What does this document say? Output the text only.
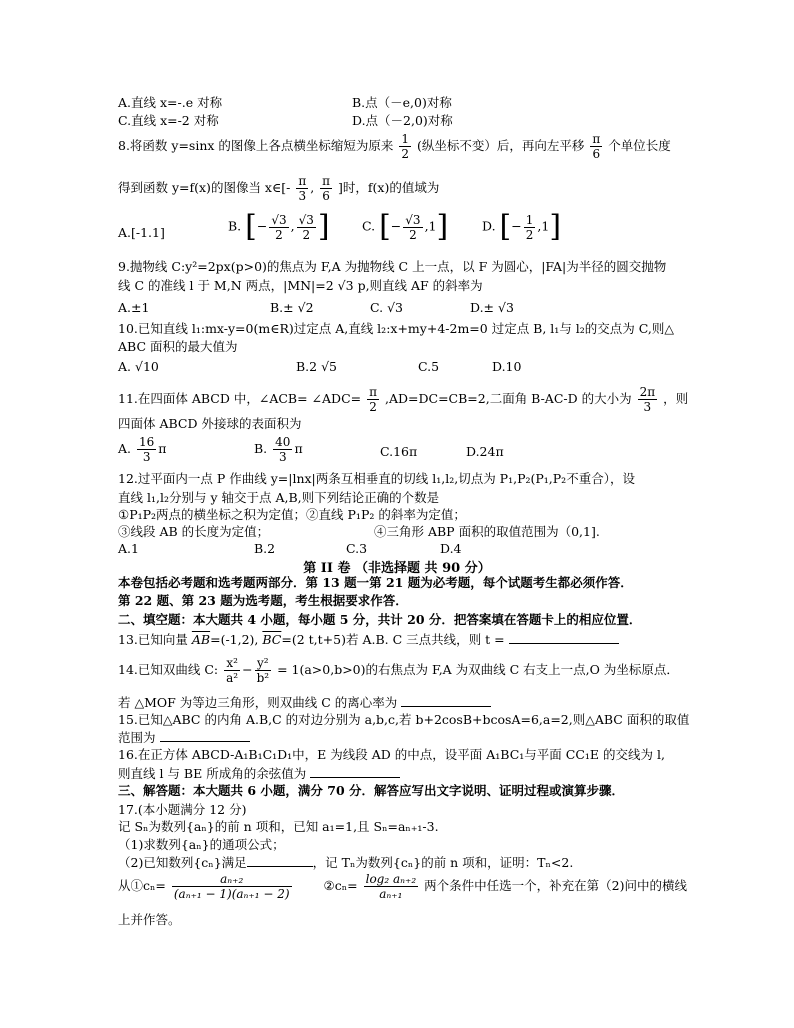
A.直线 x=-.e 对称	B.点（－e,0)对称
C.直线 x=-2 对称	D.点（－2,0)对称
8.将函数 y=sinx 的图像上各点横坐标缩短为原来 $\frac{1}{2}$ (纵坐标不变）后，再向左平移 $\frac{\pi}{6}$ 个单位长度
得到函数 y=f(x)的图像当 x∈[- $\frac{\pi}{3}$ , $\frac{\pi}{6}$ ]时，f(x)的值域为
A.[-1.1]	B. [− $\frac{√3}{2}$ , $\frac{√3}{2}$ ]	C. [− $\frac{√3}{2} ,1$]	D. [− $\frac{1}{2} ,1$]
9.抛物线 C:y²=2px(p>0)的焦点为 F,A 为抛物线 C 上一点，以 F 为圆心，|FA|为半径的圆交抛物
线 C 的准线 l 于 M,N 两点，|MN|=2 √3 p,则直线 AF 的斜率为
A.±1	B.± √2	C. √3	D.± √3
10.已知直线 l₁:mx-y=0(m∈R)过定点 A,直线 l₂:x+my+4-2m=0 过定点 B, l₁与 l₂的交点为 C,则△
ABC 面积的最大值为
A. √10	B.2 √5	C.5	D.10
11.在四面体 ABCD 中，∠ACB= ∠ADC= $\frac{\pi}{2} ,AD=DC=CB=2$,二面角 B-AC-D 的大小为 $\frac{2\pi}{3}$ ，则
四面体 ABCD 外接球的表面积为
A. $\frac{16}{3}$ π	B. $\frac{40}{3}$ π	C.16π	D.24π
12.过平面内一点 P 作曲线 y=|lnx|两条互相垂直的切线 l₁,l₂,切点为 P₁,P₂(P₁,P₂不重合），设
直线 l₁,l₂分别与 y 轴交于点 A,B,则下列结论正确的个数是
①P₁P₂两点的横坐标之积为定值；②直线 P₁P₂ 的斜率为定值；
③线段 AB 的长度为定值；	④三角形 ABP 面积的取值范围为（0,1].
A.1	B.2	C.3	D.4
第 II 卷 （非选择题 共 90 分）
本卷包括必考题和选考题两部分．第 13 题一第 21 题为必考题，每个试题考生都必须作答．
第 22 题、第 23 题为选考题，考生根据要求作答．
二、填空题：本大题共 4 小题，每小题 5 分，共计 20 分．把答案填在答题卡上的相应位置．
13.已知向量 $\overline{AB}=(-1,2)$, $\overline{BC}=(2$ t,t+5)若 A.B. C 三点共线，则 t =
14.已知双曲线 C: $\frac{\text{x²}}{\text{a²}} - \frac{\text{y²}}{\text{b²}} = 1(a>0,b>0)$的右焦点为 F,A 为双曲线 C 右支上一点,O 为坐标原点．
若 △MOF 为等边三角形，则双曲线 C 的离心率为
15.已知△ABC 的内角 A.B,C 的对边分别为 a,b,c,若 b+2cosB+bcosA=6,a=2,则△ABC 面积的取值
范围为
16.在正方体 ABCD-A₁B₁C₁D₁中，E 为线段 AD 的中点，设平面 A₁BC₁与平面 CC₁E 的交线为 l,
则直线 l 与 BE 所成角的余弦值为
三、解答题：本大题共 6 小题，满分 70 分．解答应写出文字说明、证明过程或演算步骤．
17.(本小题满分 12 分)
记 Sₙ为数列{aₙ}的前 n 项和，已知 a₁=1,且 Sₙ=aₙ₊₁-3.
（1)求数列{aₙ}的通项公式；
（2)已知数列{cₙ}满足	，记 Tₙ为数列{cₙ}的前 n 项和，证明：Tₙ<2.
从①cₙ= $\frac{\text{aₙ₊₂}}{\text{(aₙ₊₁ − 1)(aₙ₊₁ − 2)}}$	②cₙ= $\frac{\text{log₂ aₙ₊₂}}{\text{aₙ₊₁}}$ 两个条件中任选一个，补充在第（2)问中的横线
上并作答。
